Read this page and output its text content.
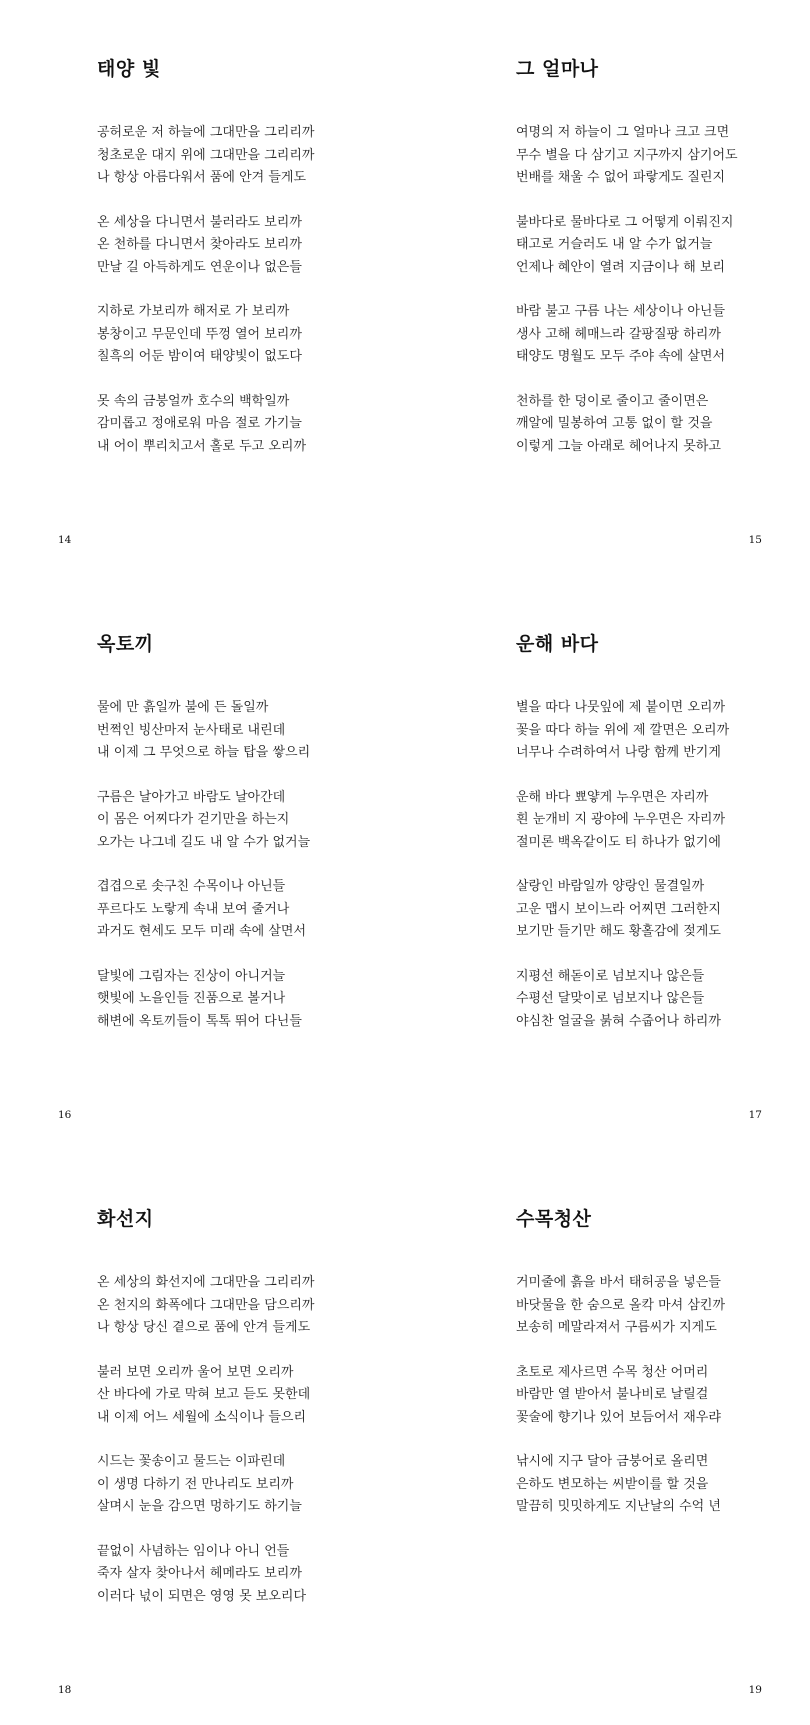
태양 빛
공허로운 저 하늘에 그대만을 그리리까
청초로운 대지 위에 그대만을 그리리까
나 항상 아름다워서 품에 안겨 들게도
온 세상을 다니면서 불러라도 보리까
온 천하를 다니면서 찾아라도 보리까
만날 길 아득하게도 연운이나 없은들
지하로 가보리까 해저로 가 보리까
봉창이고 무문인데 뚜껑 열어 보리까
칠흑의 어둔 밤이여 태양빛이 없도다
못 속의 금붕얼까 호수의 백학일까
감미롭고 정애로워 마음 절로 가기늘
내 어이 뿌리치고서 홀로 두고 오리까
14
그 얼마나
여명의 저 하늘이 그 얼마나 크고 크면
무수 별을 다 삼기고 지구까지 삼기어도
번배를 채울 수 없어 파랗게도 질린지
불바다로 물바다로 그 어떻게 이뤄진지
태고로 거슬러도 내 알 수가 없거늘
언제나 혜안이 열려 지금이나 해 보리
바람 불고 구름 나는 세상이나 아닌들
생사 고해 헤매느라 갈팡질팡 하리까
태양도 명월도 모두 주야 속에 살면서
천하를 한 덩이로 줄이고 줄이면은
깨알에 밀봉하여 고통 없이 할 것을
이렇게 그늘 아래로 헤어나지 못하고
15
옥토끼
물에 만 흙일까 불에 든 돌일까
번쩍인 빙산마저 눈사태로 내린데
내 이제 그 무엇으로 하늘 탑을 쌓으리
구름은 날아가고 바람도 날아간데
이 몸은 어찌다가 걷기만을 하는지
오가는 나그네 길도 내 알 수가 없거늘
겹겹으로 솟구친 수목이나 아닌들
푸르다도 노랗게 속내 보여 줄거나
과거도 현세도 모두 미래 속에 살면서
달빛에 그림자는 진상이 아니거늘
햇빛에 노을인들 진품으로 볼거나
해변에 옥토끼들이 톡톡 뛰어 다닌들
16
운해 바다
별을 따다 나뭇잎에 제 붙이면 오리까
꽃을 따다 하늘 위에 제 깔면은 오리까
너무나 수려하여서 나랑 함께 반기게
운해 바다 뾰얗게 누우면은 자리까
흰 눈개비 지 광야에 누우면은 자리까
절미론 백옥같이도 티 하나가 없기에
살랑인 바람일까 양랑인 물결일까
고운 맵시 보이느라 어찌면 그러한지
보기만 들기만 해도 황홀감에 젖게도
지평선 해돋이로 넘보지나 않은들
수평선 달맞이로 넘보지나 않은들
야심찬 얼굴을 붉혀 수줍어나 하리까
17
화선지
온 세상의 화선지에 그대만을 그리리까
온 천지의 화폭에다 그대만을 담으리까
나 항상 당신 곁으로 품에 안겨 들게도
불러 보면 오리까 울어 보면 오리까
산 바다에 가로 막혀 보고 듣도 못한데
내 이제 어느 세월에 소식이나 들으리
시드는 꽃송이고 물드는 이파린데
이 생명 다하기 전 만나리도 보리까
살며시 눈을 감으면 멍하기도 하기늘
끝없이 사념하는 임이나 아니 언들
죽자 살자 찾아나서 헤메라도 보리까
이러다 넋이 되면은 영영 못 보오리다
18
수목청산
거미줄에 흙을 바서 태허공을 넣은들
바닷물을 한 숨으로 올칵 마셔 삼킨까
보송히 메말라져서 구름씨가 지게도
초토로 제사르면 수목 청산 어머리
바람만 열 받아서 불나비로 날릴걸
꽃술에 향기나 있어 보듬어서 재우랴
낚시에 지구 달아 금붕어로 올리면
은하도 변모하는 씨받이를 할 것을
말끔히 밋밋하게도 지난날의 수억 년
19
